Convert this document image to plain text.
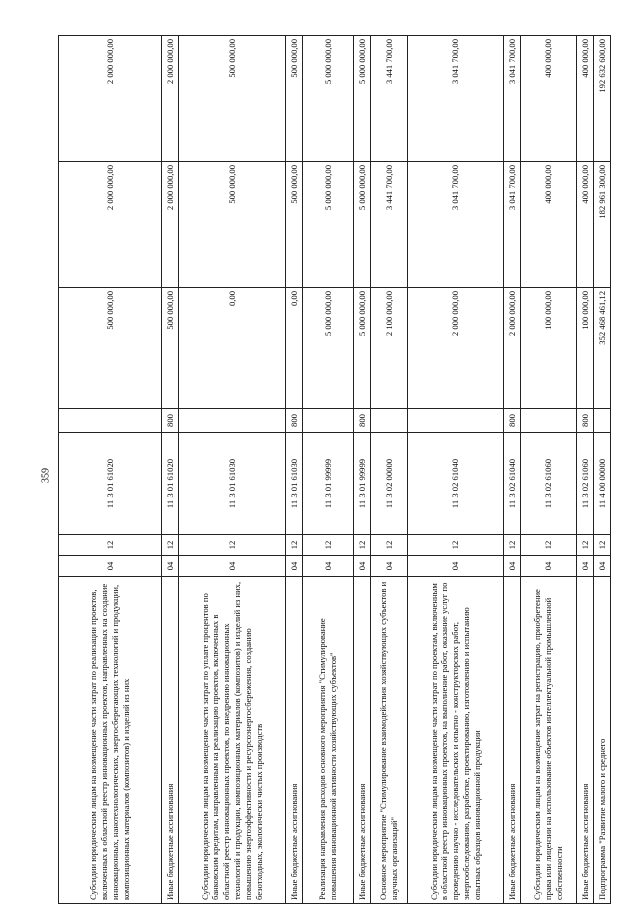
359
Субсидии юридическим лицам на возмещение части затрат по реализации проектов, включенных в областной реестр инновационных проектов, направленных на создание инновационных, нанотехнологических, энергосберегающих технологий и продукции, композиционных материалов (композитов) и изделий из них	04	12	11 3 01 61020		500 000,00	2 000 000,00	2 000 000,00
Иные бюджетные ассигнования	04	12	11 3 01 61020	800	500 000,00	2 000 000,00	2 000 000,00
Субсидии юридическим лицам на возмещение части затрат по уплате процентов по банковским кредитам, направленным на реализацию проектов, включенных в областной реестр инновационных проектов, по внедрению инновационных технологий и продукции, композиционных материалов (композитов) и изделий из них, повышению энергоэффективности и ресурсоэнергосбережения, созданию безотходных, экологически чистых производств	04	12	11 3 01 61030		0,00	500 000,00	500 000,00
Иные бюджетные ассигнования	04	12	11 3 01 61030	800	0,00	500 000,00	500 000,00
Реализация направления расходов основного мероприятия "Стимулирование повышения инновационной активности хозяйствующих субъектов"	04	12	11 3 01 99999		5 000 000,00	5 000 000,00	5 000 000,00
Иные бюджетные ассигнования	04	12	11 3 01 99999	800	5 000 000,00	5 000 000,00	5 000 000,00
Основное мероприятие "Стимулирование взаимодействия хозяйствующих субъектов и научных организаций"	04	12	11 3 02 00000		2 100 000,00	3 441 700,00	3 441 700,00
Субсидии юридическим лицам на возмещение части затрат по проектам, включенным в областной реестр инновационных проектов, на выполнение работ, оказание услуг по проведению научно - исследовательских и опытно - конструкторских работ, энергообследованию, разработке, проектированию, изготовлению и испытанию опытных образцов инновационной продукции	04	12	11 3 02 61040		2 000 000,00	3 041 700,00	3 041 700,00
Иные бюджетные ассигнования	04	12	11 3 02 61040	800	2 000 000,00	3 041 700,00	3 041 700,00
Субсидии юридическим лицам на возмещение затрат на регистрацию, приобретение права или лицензии на использование объектов интеллектуальной промышленной собственности	04	12	11 3 02 61060		100 000,00	400 000,00	400 000,00
Иные бюджетные ассигнования	04	12	11 3 02 61060	800	100 000,00	400 000,00	400 000,00
Подпрограмма "Развитие малого и среднего	04	12	11 4 00 00000		352 468 461,12	182 961 300,00	192 632 600,00
